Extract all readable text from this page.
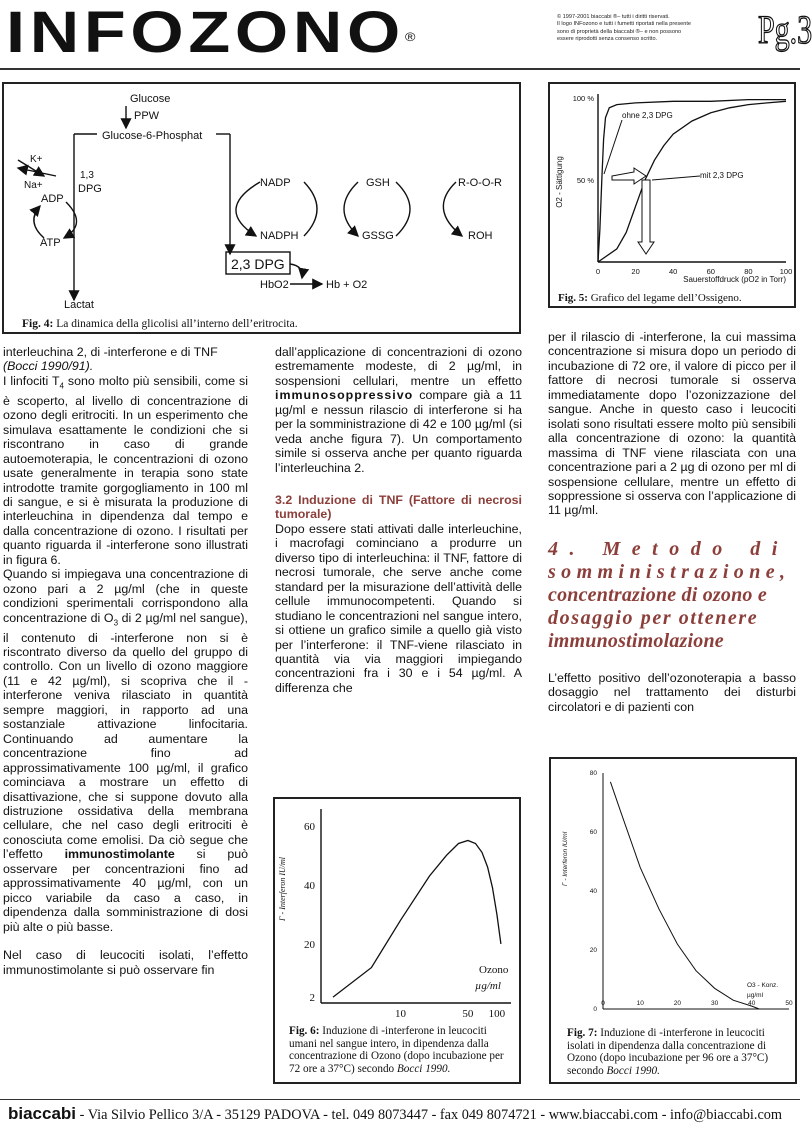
INFOZONO®
© 1997-2001 biaccabi ®– tutti i diritti riservati.
Il logo INFozono e tutti i fumetti riportati nella presente
sono di proprietà della biaccabi ®– e non possono
essere riprodotti senza consenso scritto.	Pg.3
Glucose
PPW
Glucose-6-Phosphat
K+
Na+
ADP
ATP
1,3
DPG	NADP
NADPH
GSH
GSSG
R-O-O-R
ROH
2,3 DPG
HbO2	Hb + O2
Lactat
Fig. 4: La dinamica della glicolisi all’interno dell’eritrocita.
O2 - Sättigung
Sauerstoffdruck (pO2 in Torr)
ohne 2,3 DPG
mit 2,3 DPG
0	20	40	60	80	100
100 %
50 %
Fig. 5: Grafico del legame dell’Ossigeno.

interleuchina 2, di -interferone e di TNF
(Bocci 1990/91).

I linfociti $T_4$ sono molto più sensibili, come si è scoperto, al livello di concentrazione di ozono degli eritrociti. In un esperimento che simulava esattamente le condizioni che si riscontrano in caso di grande autoemoterapia, le concentrazioni di ozono usate generalmente in terapia sono state introdotte tramite gorgogliamento in 100 ml di sangue, e si è misurata la produzione di interleuchina in dipendenza dal tempo e dalla concentrazione di ozono. I risultati per quanto riguarda il -interferone sono illustrati in figura 6.

Quando si impiegava una concentrazione di ozono pari a 2 µg/ml (che in queste condizioni sperimentali corrispondono alla concentrazione di $O_3$ di 2 µg/ml nel sangue), il contenuto di -interferone non si è riscontrato diverso da quello del gruppo di controllo. Con un livello di ozono maggiore (11 e 42 µg/ml), si scopriva che il -interferone veniva rilasciato in quantità sempre maggiori, in rapporto ad una sostanziale attivazione linfocitaria. Continuando ad aumentare la concentrazione fino ad approssimativamente 100 µg/ml, il grafico cominciava a mostrare un effetto di disattivazione, che si suppone dovuto alla distruzione ossidativa della membrana cellulare, che nel caso degli eritrociti è conosciuta come emolisi. Da ciò segue che l’effetto immunostimolante si può osservare per concentrazioni fino ad approssimativamente 40 µg/ml, con un picco variabile da caso a caso, in dipendenza dalla somministrazione di dosi più alte o più basse.

Nel caso di leucociti isolati, l’effetto immunostimolante si può osservare fin

dall’applicazione di concentrazioni di ozono estremamente modeste, di 2 µg/ml, in sospensioni cellulari, mentre un effetto immunosoppressivo compare già a 11 µg/ml e nessun rilascio di interferone si ha per la somministrazione di 42 e 100 µg/ml (si veda anche figura 7). Un comportamento simile si osserva anche per quanto riguarda l’interleuchina 2.

3.2 Induzione di TNF (Fattore di necrosi tumorale)

Dopo essere stati attivati dalle interleuchine, i macrofagi cominciano a produrre un diverso tipo di interleuchina: il TNF, fattore di necrosi tumorale, che serve anche come standard per la misurazione dell’attività delle cellule immunocompetenti. Quando si studiano le concentrazioni nel sangue intero, si ottiene un grafico simile a quello già visto per l’interferone: il TNF-viene rilasciato in quantità via via maggiori impiegando concentrazioni fra i 30 e i 54 µg/ml. A differenza che

Γ - Interferon IU/ml
Ozono
µg/ml
10	50 100
60
40
20
2
Fig. 6: Induzione di -interferone in leucociti umani nel sangue intero, in dipendenza dalla concentrazione di Ozono (dopo incubazione per 72 ore a 37°C) secondo Bocci 1990.

per il rilascio di -interferone, la cui massima concentrazione si misura dopo un periodo di incubazione di 72 ore, il valore di picco per il fattore di necrosi tumorale si osserva immediatamente dopo l’ozonizzazione del sangue. Anche in questo caso i leucociti isolati sono risultati essere molto più sensibili alla concentrazione di ozono: la quantità massima di TNF viene rilasciata con una concentrazione pari a 2 µg di ozono per ml di sospensione cellulare, mentre un effetto di soppressione si osserva con l’applicazione di 11 µg/ml.

4. Metodo di
somministrazione,
concentrazione di ozono e
dosaggio per ottenere
immunostimolazione

L’effetto positivo dell’ozonoterapia a basso dosaggio nel trattamento dei disturbi circolatori e di pazienti con

Γ - Interferon IU/ml
O3 - Konz.
µg/ml
0	10	20	30	40	50
80
60
40
20
0
Fig. 7: Induzione di -interferone in leucociti isolati in dipendenza dalla concentrazione di Ozono (dopo incubazione per 96 ore a 37°C) secondo Bocci 1990.
biaccabi - Via Silvio Pellico 3/A - 35129 PADOVA - tel. 049 8073447 - fax 049 8074721 - www.biaccabi.com - info@biaccabi.com
